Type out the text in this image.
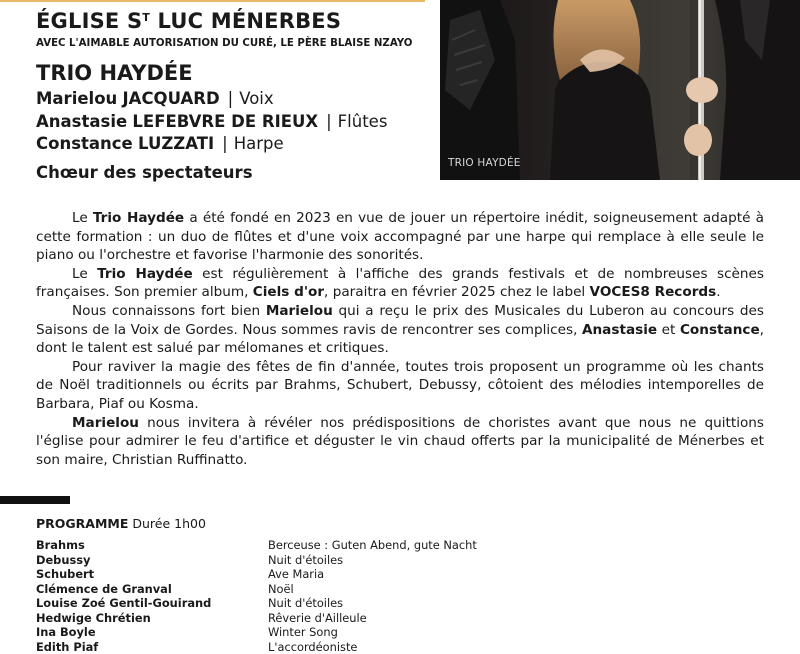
ÉGLISE $S^T$ LUC MÉNERBES
AVEC L'AIMABLE AUTORISATION DU CURÉ, LE PÈRE BLAISE NZAYO
TRIO HAYDÉE
Marielou JACQUARD | Voix
Anastasie LEFEBVRE DE RIEUX | Flûtes
Constance LUZZATI | Harpe
Chœur des spectateurs	TRIO HAYDÉE

Le Trio Haydée a été fondé en 2023 en vue de jouer un répertoire inédit, soigneusement adapté à cette formation : un duo de flûtes et d'une voix accompagné par une harpe qui remplace à elle seule le piano ou l'orchestre et favorise l'harmonie des sonorités.

Le Trio Haydée est régulièrement à l'affiche des grands festivals et de nombreuses scènes françaises. Son premier album, Ciels d'or, paraitra en février 2025 chez le label VOCES8 Records.

Nous connaissons fort bien Marielou qui a reçu le prix des Musicales du Luberon au concours des Saisons de la Voix de Gordes. Nous sommes ravis de rencontrer ses complices, Anastasie et Constance, dont le talent est salué par mélomanes et critiques.

Pour raviver la magie des fêtes de fin d'année, toutes trois proposent un programme où les chants de Noël traditionnels ou écrits par Brahms, Schubert, Debussy, côtoient des mélodies intemporelles de Barbara, Piaf ou Kosma.

Marielou nous invitera à révéler nos prédispositions de choristes avant que nous ne quittions l'église pour admirer le feu d'artifice et déguster le vin chaud offerts par la municipalité de Ménerbes et son maire, Christian Ruffinatto.

PROGRAMME Durée 1h00
Brahms	Berceuse : Guten Abend, gute Nacht
Debussy	Nuit d'étoiles
Schubert	Ave Maria
Clémence de Granval	Noël
Louise Zoé Gentil-Gouirand	Nuit d'étoiles
Hedwige Chrétien	Rêverie d'Ailleule
Ina Boyle	Winter Song
Edith Piaf	L'accordéoniste
